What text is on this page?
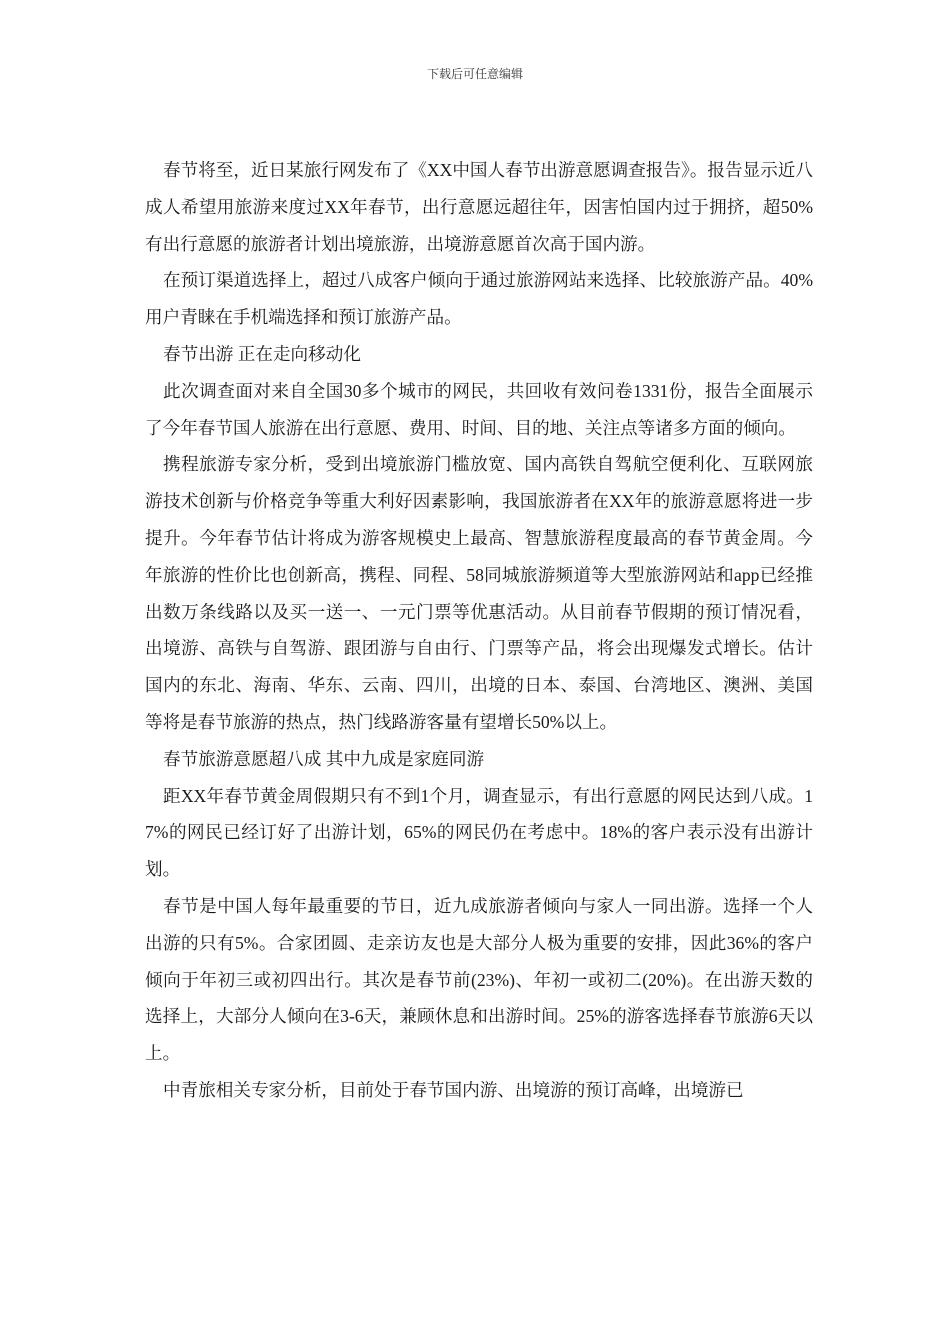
下载后可任意编辑

春节将至，近日某旅行网发布了《XX中国人春节出游意愿调查报告》。报告显示近八成人希望用旅游来度过XX年春节，出行意愿远超往年，因害怕国内过于拥挤，超50%有出行意愿的旅游者计划出境旅游，出境游意愿首次高于国内游。

在预订渠道选择上，超过八成客户倾向于通过旅游网站来选择、比较旅游产品。40%用户青睐在手机端选择和预订旅游产品。

春节出游 正在走向移动化

此次调查面对来自全国30多个城市的网民，共回收有效问卷1331份，报告全面展示了今年春节国人旅游在出行意愿、费用、时间、目的地、关注点等诸多方面的倾向。

携程旅游专家分析，受到出境旅游门槛放宽、国内高铁自驾航空便利化、互联网旅游技术创新与价格竞争等重大利好因素影响，我国旅游者在XX年的旅游意愿将进一步提升。今年春节估计将成为游客规模史上最高、智慧旅游程度最高的春节黄金周。今年旅游的性价比也创新高，携程、同程、58同城旅游频道等大型旅游网站和app已经推出数万条线路以及买一送一、一元门票等优惠活动。从目前春节假期的预订情况看，出境游、高铁与自驾游、跟团游与自由行、门票等产品，将会出现爆发式增长。估计国内的东北、海南、华东、云南、四川，出境的日本、泰国、台湾地区、澳洲、美国等将是春节旅游的热点，热门线路游客量有望增长50%以上。

春节旅游意愿超八成 其中九成是家庭同游

距XX年春节黄金周假期只有不到1个月，调查显示，有出行意愿的网民达到八成。17%的网民已经订好了出游计划，65%的网民仍在考虑中。18%的客户表示没有出游计划。

春节是中国人每年最重要的节日，近九成旅游者倾向与家人一同出游。选择一个人出游的只有5%。合家团圆、走亲访友也是大部分人极为重要的安排，因此36%的客户倾向于年初三或初四出行。其次是春节前(23%)、年初一或初二(20%)。在出游天数的选择上，大部分人倾向在3-6天，兼顾休息和出游时间。25%的游客选择春节旅游6天以上。

中青旅相关专家分析，目前处于春节国内游、出境游的预订高峰，出境游已
